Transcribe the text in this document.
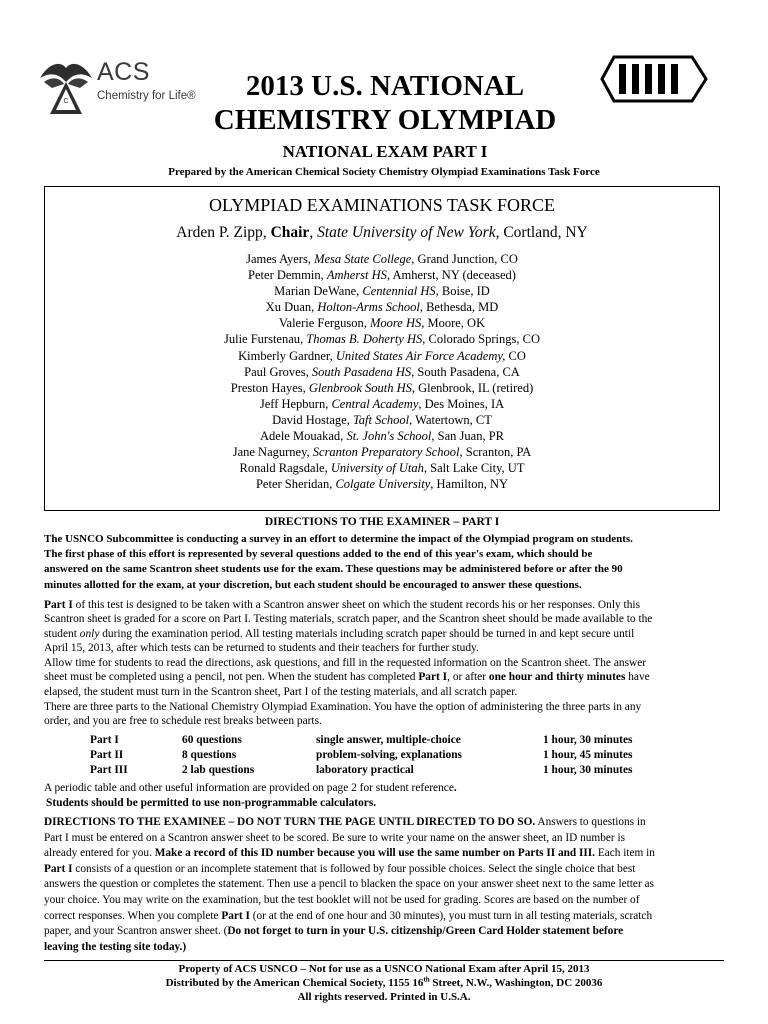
C
ACS
Chemistry for Life®	2013 U.S. NATIONAL
CHEMISTRY OLYMPIAD
NATIONAL EXAM PART I
Prepared by the American Chemical Society Chemistry Olympiad Examinations Task Force
OLYMPIAD EXAMINATIONS TASK FORCE
Arden P. Zipp, Chair, State University of New York, Cortland, NY
James Ayers, Mesa State College, Grand Junction, CO
Peter Demmin, Amherst HS, Amherst, NY (deceased)
Marian DeWane, Centennial HS, Boise, ID
Xu Duan, Holton-Arms School, Bethesda, MD
Valerie Ferguson, Moore HS, Moore, OK
Julie Furstenau, Thomas B. Doherty HS, Colorado Springs, CO
Kimberly Gardner, United States Air Force Academy, CO
Paul Groves, South Pasadena HS, South Pasadena, CA
Preston Hayes, Glenbrook South HS, Glenbrook, IL (retired)
Jeff Hepburn, Central Academy, Des Moines, IA
David Hostage, Taft School, Watertown, CT
Adele Mouakad, St. John's School, San Juan, PR
Jane Nagurney, Scranton Preparatory School, Scranton, PA
Ronald Ragsdale, University of Utah, Salt Lake City, UT
Peter Sheridan, Colgate University, Hamilton, NY
DIRECTIONS TO THE EXAMINER – PART I
The USNCO Subcommittee is conducting a survey in an effort to determine the impact of the Olympiad program on students.
The first phase of this effort is represented by several questions added to the end of this year's exam, which should be
answered on the same Scantron sheet students use for the exam. These questions may be administered before or after the 90
minutes allotted for the exam, at your discretion, but each student should be encouraged to answer these questions.
Part I of this test is designed to be taken with a Scantron answer sheet on which the student records his or her responses. Only this
Scantron sheet is graded for a score on Part I. Testing materials, scratch paper, and the Scantron sheet should be made available to the
student only during the examination period. All testing materials including scratch paper should be turned in and kept secure until
April 15, 2013, after which tests can be returned to students and their teachers for further study.
Allow time for students to read the directions, ask questions, and fill in the requested information on the Scantron sheet. The answer
sheet must be completed using a pencil, not pen. When the student has completed Part I, or after one hour and thirty minutes have
elapsed, the student must turn in the Scantron sheet, Part I of the testing materials, and all scratch paper.
There are three parts to the National Chemistry Olympiad Examination. You have the option of administering the three parts in any
order, and you are free to schedule rest breaks between parts.
Part I	60 questions	single answer, multiple-choice	1 hour, 30 minutes
Part II	8 questions	problem-solving, explanations	1 hour, 45 minutes
Part III	2 lab questions	laboratory practical	1 hour, 30 minutes
A periodic table and other useful information are provided on page 2 for student reference.
Students should be permitted to use non-programmable calculators.
DIRECTIONS TO THE EXAMINEE – DO NOT TURN THE PAGE UNTIL DIRECTED TO DO SO. Answers to questions in
Part I must be entered on a Scantron answer sheet to be scored. Be sure to write your name on the answer sheet, an ID number is
already entered for you. Make a record of this ID number because you will use the same number on Parts II and III. Each item in
Part I consists of a question or an incomplete statement that is followed by four possible choices. Select the single choice that best
answers the question or completes the statement. Then use a pencil to blacken the space on your answer sheet next to the same letter as
your choice. You may write on the examination, but the test booklet will not be used for grading. Scores are based on the number of
correct responses. When you complete Part I (or at the end of one hour and 30 minutes), you must turn in all testing materials, scratch
paper, and your Scantron answer sheet. (Do not forget to turn in your U.S. citizenship/Green Card Holder statement before
leaving the testing site today.)
Property of ACS USNCO – Not for use as a USNCO National Exam after April 15, 2013
Distributed by the American Chemical Society, 1155 16th Street, N.W., Washington, DC 20036
All rights reserved. Printed in U.S.A.
